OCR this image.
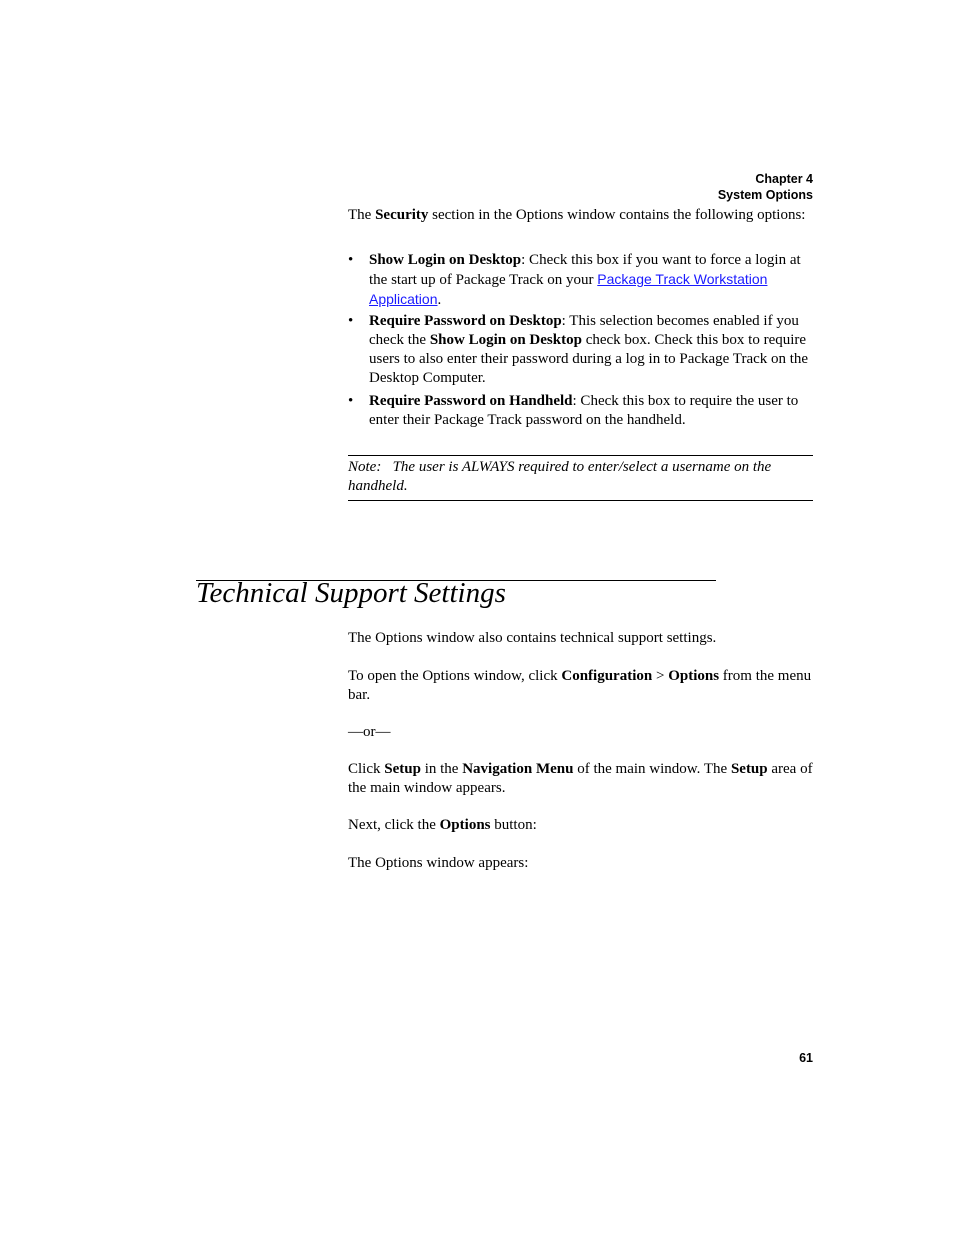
Chapter 4
System Options

The Security section in the Options window contains the following options:

• Show Login on Desktop: Check this box if you want to force a login at the start up of Package Track on your Package Track Workstation Application.
• Require Password on Desktop: This selection becomes enabled if you check the Show Login on Desktop check box. Check this box to require users to also enter their password during a log in to Package Track on the Desktop Computer.
• Require Password on Handheld: Check this box to require the user to enter their Package Track password on the handheld.
Note: The user is ALWAYS required to enter/select a username on the handheld.
Technical Support Settings

The Options window also contains technical support settings.

To open the Options window, click Configuration > Options from the menu bar.

—or—

Click Setup in the Navigation Menu of the main window. The Setup area of the main window appears.

Next, click the Options button:

The Options window appears:

61
